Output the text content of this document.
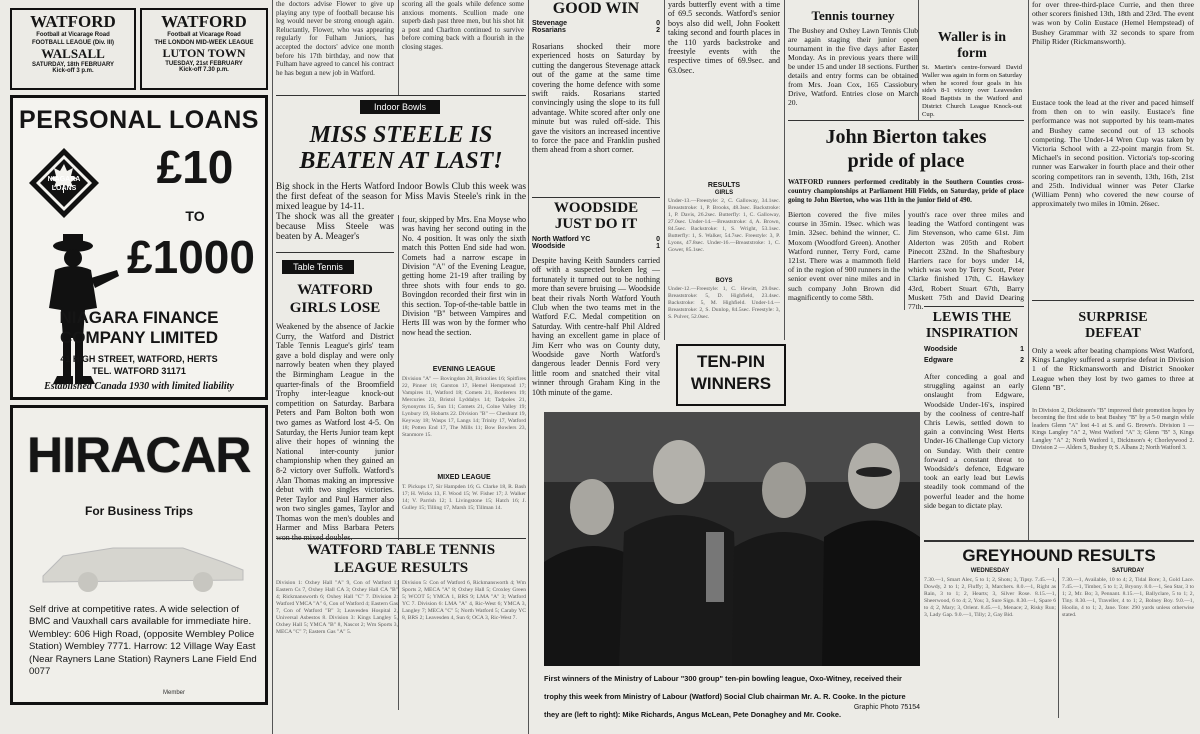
WATFORD
Football at Vicarage Road
FOOTBALL LEAGUE (Div. III)
WALSALL
SATURDAY, 18th FEBRUARY
Kick-off 3 p.m.
WATFORD
Football at Vicarage Road
THE LONDON MID-WEEK LEAGUE
LUTON TOWN
TUESDAY, 21st FEBRUARY
Kick-off 7.30 p.m.
PERSONAL LOANS
NIAGARA
LOANS	£10
TO
£1000
NIAGARA FINANCE
COMPANY LIMITED
41 HIGH STREET, WATFORD, HERTS
TEL. WATFORD 31171
Established Canada 1930 with limited liability
HIRACAR
For Business Trips
Self drive at competitive rates. A wide selection of BMC and Vauxhall cars available for immediate hire. Wembley: 606 High Road, (opposite Wembley Police Station) Wembley 7771. Harrow: 12 Village Way East (Near Rayners Lane Station) Rayners Lane Field End 0077
Member

the doctors advise Flower to give up playing any type of football because his leg would never be strong enough again. Reluctantly, Flower, who was appearing regularly for Fulham Juniors, has accepted the doctors' advice one month before his 17th birthday, and now that Fulham have agreed to cancel his contract he has begun a new job in Watford.

Indoor Bowls
MISS STEELE IS
BEATEN AT LAST!

Big shock in the Herts Watford Indoor Bowls Club this week was the first defeat of the season for Miss Mavis Steele's rink in the mixed league by 14-11.

The shock was all the greater because Miss Steele was beaten by A. Meager's

Table Tennis
WATFORD
GIRLS LOSE

Weakened by the absence of Jackie Curry, the Watford and District Table Tennis League's girls' team gave a bold display and were only narrowly beaten when they played the Birmingham League in the quarter-finals of the Broomfield Trophy inter-league knock-out competition on Saturday. Barbara Peters and Pam Bolton both won two games as Watford lost 4-5. On Saturday, the Herts Junior team kept alive their hopes of winning the National inter-county junior championship when they gained an 8-2 victory over Suffolk. Watford's Alan Thomas making an impressive debut with two singles victories. Peter Taylor and Paul Harmer also won two singles games, Taylor and Thomas won the men's doubles and Harmer and Miss Barbara Peters

scoring all the goals while defence some anxious moments. Scullion made one superb dash past three men, but his shot hit a post and Charlton continued to survive before coming back with a flourish in the closing stages.

four, skipped by Mrs. Ena Moyse who was having her second outing in the No. 4 position. It was only the sixth match this Potten End side had won. Comets had a narrow escape in Division "A" of the Evening League, getting home 21-19 after trailing by three shots with four ends to go. Bovingdon recorded their first win in this section. Top-of-the-table battle in Division "B" between Vampires and Herts III was won by the former who now head the section.

EVENING LEAGUE
Division "A" — Bovingdon 20, Bristolies 16; Spitfires 22, Pinner 18; Garston 17, Hemel Hempstead 17; Vampires 11, Watford 18; Comets 21, Borderers 19; Mercuries 23, Bristol Lyddalys 14; Tadpoles 21, Synonyms 15, Sun 11; Comets 21, Colne Valley 19; Lynbury 19, Hobarts 22. Division "B" — Cheshunt 19, Keyway 18; Wasps 17, Langs 14; Trinity 17, Watford 18; Potten End 17, The Mills 11; Bow Bowlers 23, Stanmore 15.
MIXED LEAGUE
T. Pickups 17, Sir Hampden 16; G. Clarke 18, R. Bash 17; H. Wicks 13, F. Wood 15; W. Fisher 17; J. Walker 14; V. Parrish 12; I. Livingstone 15; Hatch 16; J. Gulley 15; Tilling 17, Marsh 15; Tillman 14.
WATFORD TABLE TENNIS
LEAGUE RESULTS
Division 1: Oxhey Hall "A" 9, Con of Watford 1; Eastern Cs 7, Oxhey Hall CA 3; Oxhey Hall CA "B" 4; Rickmansworth 6; Oxhey Hall "C" 7. Division 2: Watford YMCA "A" 6, Con of Watford 4; Eastern Gas 7, Con of Watford "B" 3; Leavesden Hospital 2, Universal Asbestos 8. Division 3: Kings Langley 5, Oxhey Hall 5; YMCA "B" 8, Nascot 2; Wm Sports 3, MECA "C" 7; Eastern Gas "A" 5.
Division 5: Con of Watford 6, Rickmansworth 4; Wm Sports 2, MECA "A" 8; Oxhey Hall 5; Croxley Green 5; WCOT 5; YMCA 1, BRS 9; LMA "A" 3; Watford YC 7. Division 6: LMA "A" 4, Ric-West 6; YMCA 3, Langley 7; MECA "C" 5; North Watford 5; Caraby YC 8, BRS 2; Leavesden 4, Sun 6; OCA 3, Ric-West 7.
GOOD WIN
Stevenage	0
Rosarians	2

Rosarians shocked their more experienced hosts on Saturday by cutting the dangerous Stevenage attack out of the game at the same time covering the home defence with some swift raids. Rosarians started convincingly using the slope to its full advantage. White scored after only one minute but was ruled off-side. This gave the visitors an increased incentive to force the pace and Franklin pushed them ahead from a short corner.

WOODSIDE
JUST DO IT
North Watford YC	0
Woodside	1

Despite having Keith Saunders carried off with a suspected broken leg — fortunately it turned out to be nothing more than severe bruising — Woodside beat their rivals North Watford Youth Club when the two teams met in the Watford F.C. Medal competition on Saturday. With centre-half Phil Aldred having an excellent game in place of Jim Kerr who was on County duty, Woodside gave North Watford's dangerous leader Dennis Ford very little room and snatched their vital winner through Graham King in the 10th minute of the game.

yards butterfly event with a time of 69.5 seconds. Watford's senior boys also did well, John Fookett taking second and fourth places in the 110 yards backstroke and freestyle events with the respective times of 69.9sec. and 63.0sec.

RESULTS
GIRLS
Under-13.—Freestyle: 2, C. Galloway, 34.1sec. Breaststroke: 1, P. Brooks, 48.3sec. Backstroke: 1, P. Davis, 26.2sec. Butterfly: 1, C. Galloway, 27.0sec. Under-14.—Breaststroke: 4, A. Brown, 84.5sec. Backstroke: 1, S. Wright, 53.1sec. Butterfly: 1, S. Walker, 54.7sec. Freestyle: 3, P. Lyons, 47.8sec. Under-16.—Breaststroke: 1, C. Gower, 85.1sec.
BOYS
Under-12.—Freestyle: 1, C. Hewitt, 29.0sec. Breaststroke: 5, D. Highfield, 23.4sec. Backstroke: 5, M. Highfield. Under-14.—Breaststroke: 2, S. Dunlop, 84.5sec. Freestyle: 3, S. Pulver, 52.0sec.
TEN-PIN
WINNERS
Tennis tourney

The Bushey and Oxhey Lawn Tennis Club are again staging their junior open tournament in the five days after Easter Monday. As in previous years there will be under 15 and under 18 sections. Further details and entry forms can be obtained from Mrs. Joan Cox, 165 Cassiobury Drive, Watford. Entries close on March 20.

John Bierton takes
pride of place

WATFORD runners performed creditably in the Southern Counties cross-country championships at Parliament Hill Fields, on Saturday, pride of place going to John Bierton, who was 11th in the junior field of 490.

Bierton covered the five miles course in 35min. 19sec. which was 1min. 32sec. behind the winner, C. Moxom (Woodford Green). Another Watford runner, Terry Ford, came 121st. There was a mammoth field of in the region of 900 runners in the senior event over nine miles and in such company John Brown did magnificently to come 58th.

youth's race over three miles and leading the Watford contingent was Jim Stevenson, who came 61st. Jim Alderton was 205th and Robert Pinecott 232nd. In the Shaftesbury Harriers race for boys under 14, which was won by Terry Scott, Peter Clarke finished 17th, C. Hawkey 43rd, Robert Stuart 67th, Barry Muskett 75th and David Dearing 77th.
Waller is in
form

St. Martin's centre-forward David Waller was again in form on Saturday when he scored four goals in his side's 8-1 victory over Leavesden Road Baptists in the Watford and District Church League Knock-out Cup.

LEWIS THE
INSPIRATION
Woodside	1
Edgware	2

After conceding a goal and struggling against an early onslaught from Edgware, Woodside Under-16's, inspired by the coolness of centre-half Chris Lewis, settled down to gain a convincing West Herts Under-16 Challenge Cup victory on Sunday. With their centre forward a constant threat to Woodside's defence, Edgware took an early lead but Lewis steadily took command of the powerful leader and the home side began to dictate play.

for over three-third-place Currie, and then three other scorers finished 13th, 18th and 23rd. The event was won by Colin Eustace (Hemel Hempstead) of Bushey Grammar with 32 seconds to spare from Philip Rider (Rickmansworth).

Eustace took the lead at the river and paced himself from then on to win easily. Eustace's fine performance was not supported by his team-mates and Bushey came second out of 13 schools competing. The Under-14 Wren Cup was taken by Victoria School with a 22-point margin from St. Michael's in second position. Victoria's top-scoring runner was Earwaker in fourth place and their other scoring competitors ran in seventh, 13th, 16th, 21st and 25th. Individual winner was Peter Clarke (William Penn) who covered the new course of approximately two miles in 10min. 26sec.
SURPRISE
DEFEAT

Only a week after beating champions West Watford, Kings Langley suffered a surprise defeat in Division 1 of the Rickmansworth and District Snooker League when they lost by two games to three at Glenn "B".

In Division 2, Dickinson's "B" improved their promotion hopes by becoming the first side to beat Bushey "B" by a 5-0 margin while leaders Glenn "A" lost 4-1 at S. and G. Brown's. Division 1 — Kings Langley "A" 2, West Watford "A" 3; Glenn "B" 3, Kings Langley "A" 2; North Watford 1, Dickinson's 4; Chorleywood 2. Division 2 — Alders 5, Bushey 0; S. Albans 2; North Watford 3.
First winners of the Ministry of Labour "300 group" ten-pin bowling league, Oxo-Witney, received their trophy this week from Ministry of Labour (Watford) Social Club chairman Mr. A. R. Cooke. In the picture they are (left to right): Mike Richards, Angus McLean, Pete Donaghey and Mr. Cooke.
Graphic Photo 75154
GREYHOUND RESULTS
WEDNESDAY	SATURDAY
7.30.—1, Smart Alec, 5 to 1; 2, Shots; 3, Tipsy. 7.45.—1, Dowdy, 2 to 1; 2, Fluffy; 3, Marchers. 8.0.—1, Right as Rain, 3 to 1; 2, Hearts; 3, Silver Rose. 8.15.—1, Sheerwood, 6 to 4; 2, You; 3, Sure Sign. 8.30.—1, Spare 6 to 4; 2, Mary; 3, Orient. 8.45.—1, Menace; 2, Risky Run; 3, Lady Gap. 9.0.—1, Tilly; 2, Gay Bid.
7.30.—1, Available, 10 to 4; 2, Tidal Bore; 3, Gold Lace. 7.45.—1, Timber, 5 to 1; 2, Bryony. 8.0.—1, Sea Star, 3 to 1; 2, Mr. Bo; 3, Pennant. 8.15.—1, Ballyclare, 5 to 1; 2, Tiny. 8.30.—1, Traveller, 4 to 1; 2, Bolney Boy. 9.0.—1, Hoolin, 4 to 1; 2, Jane. Tote: 290 yards unless otherwise stated.
